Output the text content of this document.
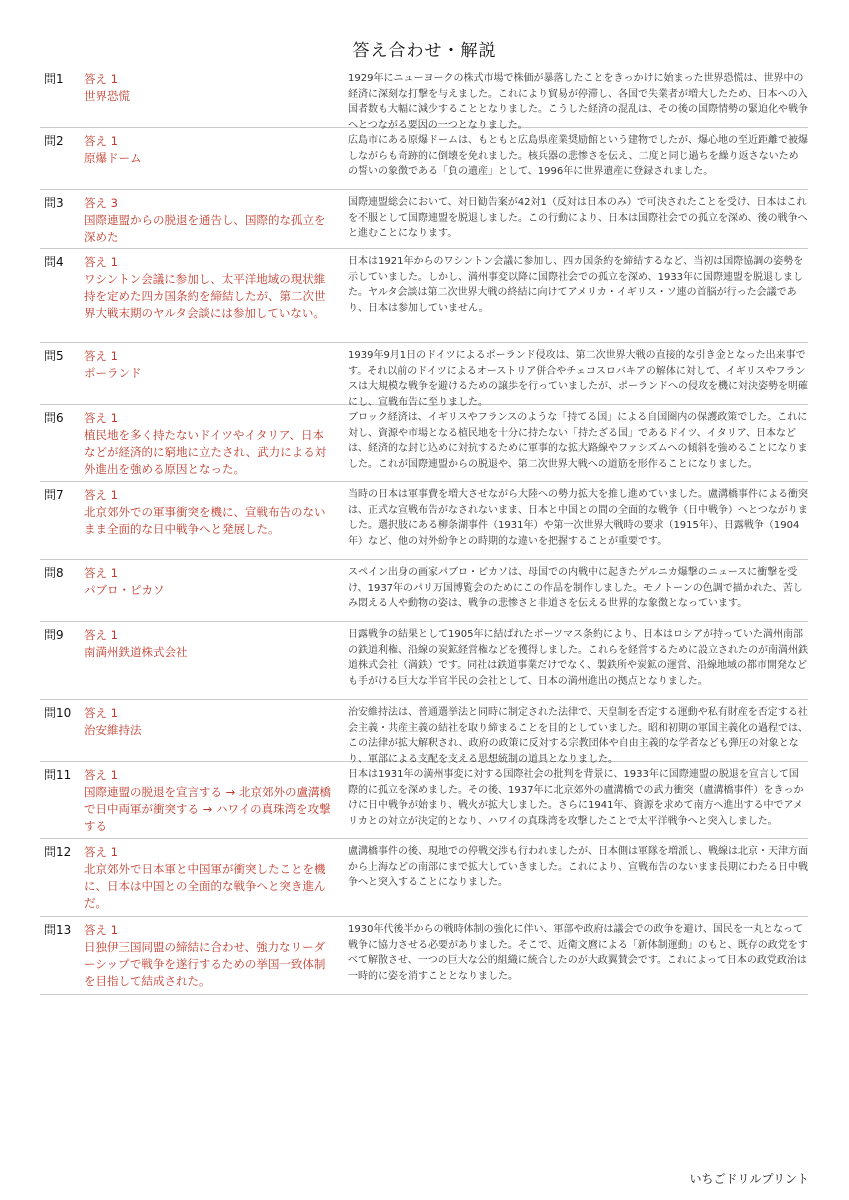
答え合わせ・解説
問1	答え 1
世界恐慌
1929年にニューヨークの株式市場で株価が暴落したことをきっかけに始まった世界恐慌は、世界中の経済に深刻な打撃を与えました。これにより貿易が停滞し、各国で失業者が増大したため、日本への入国者数も大幅に減少することとなりました。こうした経済の混乱は、その後の国際情勢の緊迫化や戦争へとつながる要因の一つとなりました。
問2	答え 1
原爆ドーム
広島市にある原爆ドームは、もともと広島県産業奨励館という建物でしたが、爆心地の至近距離で被爆しながらも奇跡的に倒壊を免れました。核兵器の悲惨さを伝え、二度と同じ過ちを繰り返さないための誓いの象徴である「負の遺産」として、1996年に世界遺産に登録されました。
問3	答え 3
国際連盟からの脱退を通告し、国際的な孤立を深めた
国際連盟総会において、対日勧告案が42対1（反対は日本のみ）で可決されたことを受け、日本はこれを不服として国際連盟を脱退しました。この行動により、日本は国際社会での孤立を深め、後の戦争へと進むことになります。
問4	答え 1
ワシントン会議に参加し、太平洋地域の現状維持を定めた四カ国条約を締結したが、第二次世界大戦末期のヤルタ会談には参加していない。
日本は1921年からのワシントン会議に参加し、四カ国条約を締結するなど、当初は国際協調の姿勢を示していました。しかし、満州事変以降に国際社会での孤立を深め、1933年に国際連盟を脱退しました。ヤルタ会談は第二次世界大戦の終結に向けてアメリカ・イギリス・ソ連の首脳が行った会議であり、日本は参加していません。
問5	答え 1
ポーランド
1939年9月1日のドイツによるポーランド侵攻は、第二次世界大戦の直接的な引き金となった出来事です。それ以前のドイツによるオーストリア併合やチェコスロバキアの解体に対して、イギリスやフランスは大規模な戦争を避けるための譲歩を行っていましたが、ポーランドへの侵攻を機に対決姿勢を明確にし、宣戦布告に至りました。
問6	答え 1
植民地を多く持たないドイツやイタリア、日本などが経済的に窮地に立たされ、武力による対外進出を強める原因となった。
ブロック経済は、イギリスやフランスのような「持てる国」による自国圏内の保護政策でした。これに対し、資源や市場となる植民地を十分に持たない「持たざる国」であるドイツ、イタリア、日本などは、経済的な封じ込めに対抗するために軍事的な拡大路線やファシズムへの傾斜を強めることになりました。これが国際連盟からの脱退や、第二次世界大戦への道筋を形作ることになりました。
問7	答え 1
北京郊外での軍事衝突を機に、宣戦布告のないまま全面的な日中戦争へと発展した。
当時の日本は軍事費を増大させながら大陸への勢力拡大を推し進めていました。盧溝橋事件による衝突は、正式な宣戦布告がなされないまま、日本と中国との間の全面的な戦争（日中戦争）へとつながりました。選択肢にある柳条湖事件（1931年）や第一次世界大戦時の要求（1915年）、日露戦争（1904年）など、他の対外紛争との時期的な違いを把握することが重要です。
問8	答え 1
パブロ・ピカソ
スペイン出身の画家パブロ・ピカソは、母国での内戦中に起きたゲルニカ爆撃のニュースに衝撃を受け、1937年のパリ万国博覧会のためにこの作品を制作しました。モノトーンの色調で描かれた、苦しみ悶える人や動物の姿は、戦争の悲惨さと非道さを伝える世界的な象徴となっています。
問9	答え 1
南満州鉄道株式会社
日露戦争の結果として1905年に結ばれたポーツマス条約により、日本はロシアが持っていた満州南部の鉄道利権、沿線の炭鉱経営権などを獲得しました。これらを経営するために設立されたのが南満州鉄道株式会社（満鉄）です。同社は鉄道事業だけでなく、製鉄所や炭鉱の運営、沿線地域の都市開発なども手がける巨大な半官半民の会社として、日本の満州進出の拠点となりました。
問10	答え 1
治安維持法
治安維持法は、普通選挙法と同時に制定された法律で、天皇制を否定する運動や私有財産を否定する社会主義・共産主義の結社を取り締まることを目的としていました。昭和初期の軍国主義化の過程では、この法律が拡大解釈され、政府の政策に反対する宗教団体や自由主義的な学者なども弾圧の対象となり、軍部による支配を支える思想統制の道具となりました。
問11	答え 1
国際連盟の脱退を宣言する → 北京郊外の盧溝橋で日中両軍が衝突する → ハワイの真珠湾を攻撃する
日本は1931年の満州事変に対する国際社会の批判を背景に、1933年に国際連盟の脱退を宣言して国際的に孤立を深めました。その後、1937年に北京郊外の盧溝橋での武力衝突（盧溝橋事件）をきっかけに日中戦争が始まり、戦火が拡大しました。さらに1941年、資源を求めて南方へ進出する中でアメリカとの対立が決定的となり、ハワイの真珠湾を攻撃したことで太平洋戦争へと突入しました。
問12	答え 1
北京郊外で日本軍と中国軍が衝突したことを機に、日本は中国との全面的な戦争へと突き進んだ。
盧溝橋事件の後、現地での停戦交渉も行われましたが、日本側は軍隊を増派し、戦線は北京・天津方面から上海などの南部にまで拡大していきました。これにより、宣戦布告のないまま長期にわたる日中戦争へと突入することになりました。
問13	答え 1
日独伊三国同盟の締結に合わせ、強力なリーダーシップで戦争を遂行するための挙国一致体制を目指して結成された。
1930年代後半からの戦時体制の強化に伴い、軍部や政府は議会での政争を避け、国民を一丸となって戦争に協力させる必要がありました。そこで、近衛文麿による「新体制運動」のもと、既存の政党をすべて解散させ、一つの巨大な公的組織に統合したのが大政翼賛会です。これによって日本の政党政治は一時的に姿を消すこととなりました。
いちごドリルプリント
